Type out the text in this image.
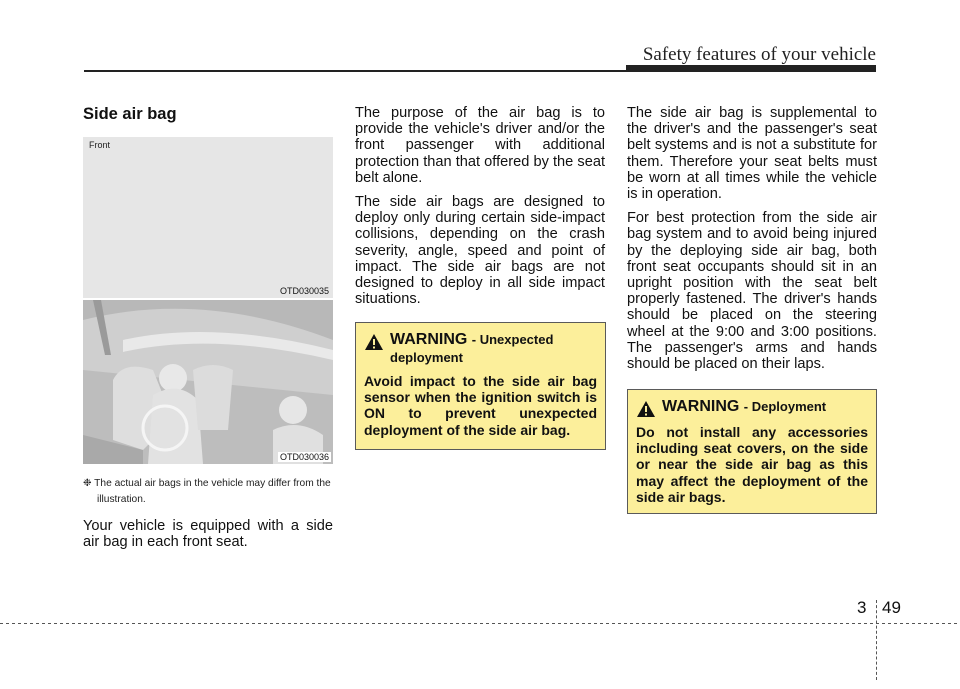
Safety features of your vehicle
Side air bag
Front
OTD030035
OTD030036
❉ The actual air bags in the vehicle may differ from the illustration.

Your vehicle is equipped with a side air bag in each front seat.

The purpose of the air bag is to provide the vehicle's driver and/or the front passenger with additional protection than that offered by the seat belt alone.

The side air bags are designed to deploy only during certain side-impact collisions, depending on the crash severity, angle, speed and point of impact. The side air bags are not designed to deploy in all side impact situations.

WARNING - Unexpected deployment
Avoid impact to the side air bag sensor when the ignition switch is ON to prevent unexpected deployment of the side air bag.

The side air bag is supplemental to the driver's and the passenger's seat belt systems and is not a substitute for them. Therefore your seat belts must be worn at all times while the vehicle is in operation.

For best protection from the side air bag system and to avoid being injured by the deploying side air bag, both front seat occupants should sit in an upright position with the seat belt properly fastened. The driver's hands should be placed on the steering wheel at the 9:00 and 3:00 positions. The passenger's arms and hands should be placed on their laps.

WARNING - Deployment
Do not install any accessories including seat covers, on the side or near the side air bag as this may affect the deployment of the side air bags.
3 49
